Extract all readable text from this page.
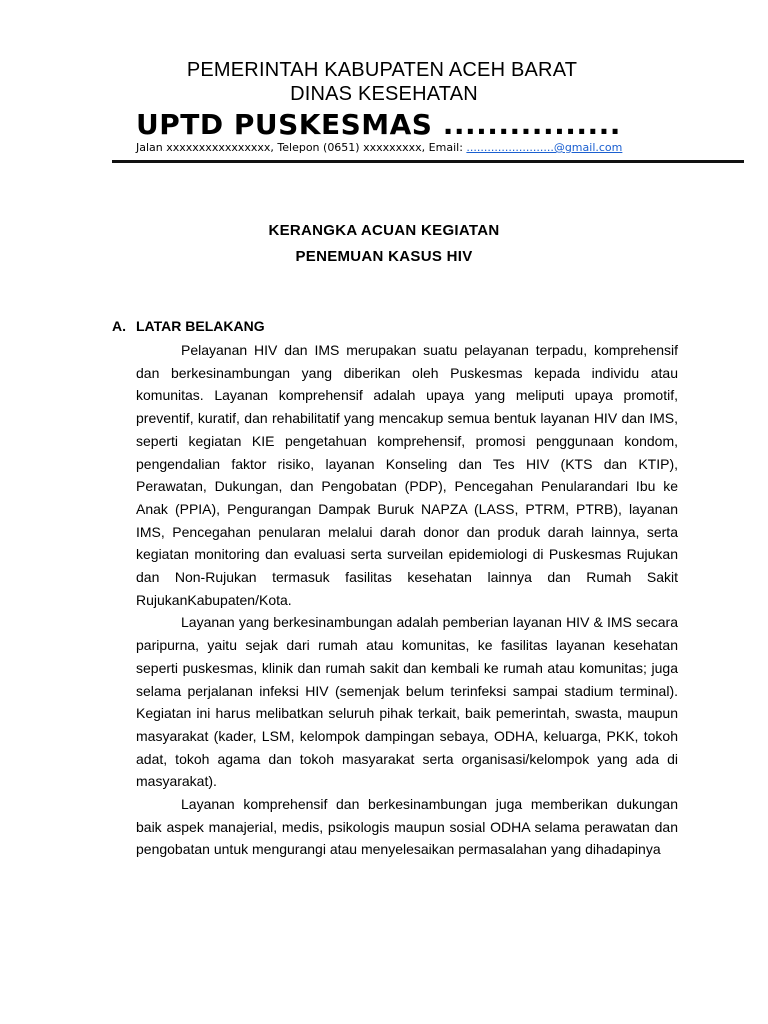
PEMERINTAH KABUPATEN ACEH BARAT
DINAS KESEHATAN
UPTD PUSKESMAS ................
Jalan xxxxxxxxxxxxxxxx, Telepon (0651) xxxxxxxxx, Email: .........................@gmail.com
KERANGKA ACUAN KEGIATAN
PENEMUAN KASUS HIV
A. LATAR BELAKANG

Pelayanan HIV dan IMS merupakan suatu pelayanan terpadu, komprehensif dan berkesinambungan yang diberikan oleh Puskesmas kepada individu atau komunitas. Layanan komprehensif adalah upaya yang meliputi upaya promotif, preventif, kuratif, dan rehabilitatif yang mencakup semua bentuk layanan HIV dan IMS, seperti kegiatan KIE pengetahuan komprehensif, promosi penggunaan kondom, pengendalian faktor risiko, layanan Konseling dan Tes HIV (KTS dan KTIP), Perawatan, Dukungan, dan Pengobatan (PDP), Pencegahan Penularandari Ibu ke Anak (PPIA), Pengurangan Dampak Buruk NAPZA (LASS, PTRM, PTRB), layanan IMS, Pencegahan penularan melalui darah donor dan produk darah lainnya, serta kegiatan monitoring dan evaluasi serta surveilan epidemiologi di Puskesmas Rujukan dan Non-Rujukan termasuk fasilitas kesehatan lainnya dan Rumah Sakit RujukanKabupaten/Kota.

Layanan yang berkesinambungan adalah pemberian layanan HIV & IMS secara paripurna, yaitu sejak dari rumah atau komunitas, ke fasilitas layanan kesehatan seperti puskesmas, klinik dan rumah sakit dan kembali ke rumah atau komunitas; juga selama perjalanan infeksi HIV (semenjak belum terinfeksi sampai stadium terminal). Kegiatan ini harus melibatkan seluruh pihak terkait, baik pemerintah, swasta, maupun masyarakat (kader, LSM, kelompok dampingan sebaya, ODHA, keluarga, PKK, tokoh adat, tokoh agama dan tokoh masyarakat serta organisasi/kelompok yang ada di masyarakat).

Layanan komprehensif dan berkesinambungan juga memberikan dukungan baik aspek manajerial, medis, psikologis maupun sosial ODHA selama perawatan dan pengobatan untuk mengurangi atau menyelesaikan permasalahan yang dihadapinya
